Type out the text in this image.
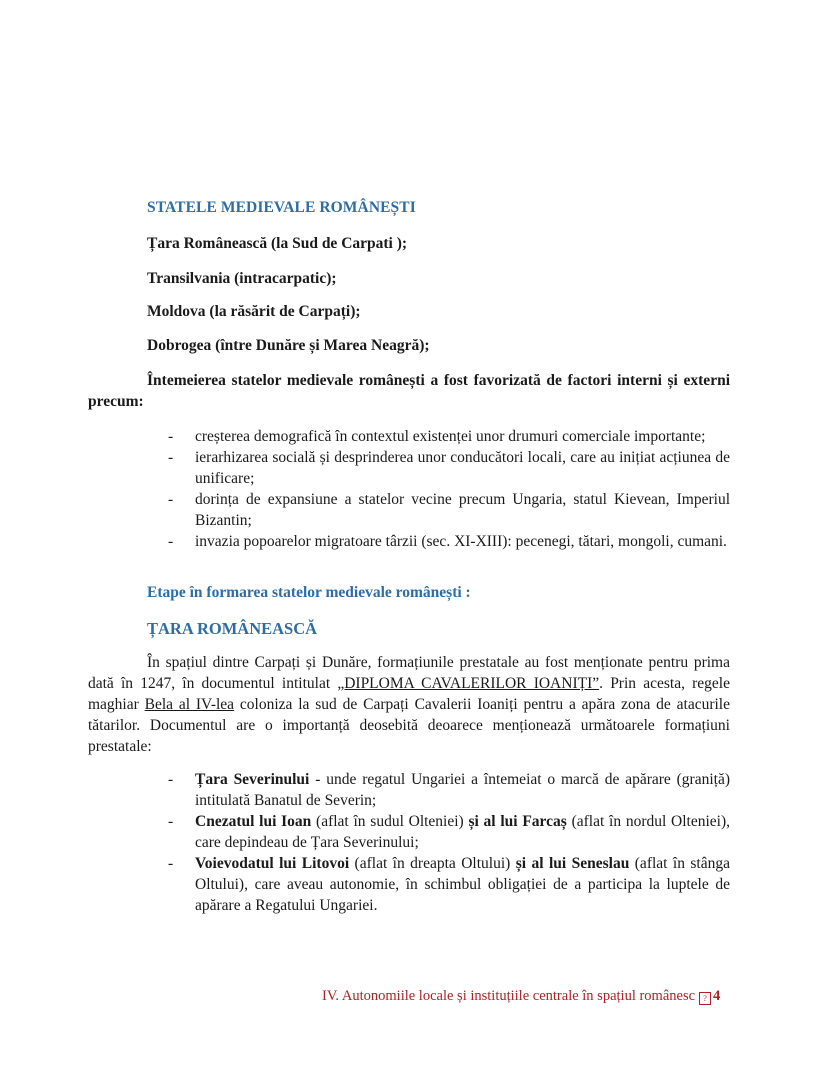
STATELE MEDIEVALE ROMÂNEȘTI
Țara Românească (la Sud de Carpati );
Transilvania (intracarpatic);
Moldova (la răsărit de Carpați);
Dobrogea (între Dunăre și Marea Neagră);
Întemeierea statelor medievale românești a fost favorizată de factori interni și externi precum:
- creșterea demografică în contextul existenței unor drumuri comerciale importante;
- ierarhizarea socială și desprinderea unor conducători locali, care au inițiat acțiunea de unificare;
- dorința de expansiune a statelor vecine precum Ungaria, statul Kievean, Imperiul Bizantin;
- invazia popoarelor migratoare târzii (sec. XI-XIII): pecenegi, tătari, mongoli, cumani.
Etape în formarea statelor medievale românești :
ȚARA ROMÂNEASCĂ
În spațiul dintre Carpați și Dunăre, formațiunile prestatale au fost menționate pentru prima dată în 1247, în documentul intitulat „DIPLOMA CAVALERILOR IOANIȚI”. Prin acesta, regele maghiar Bela al IV-lea coloniza la sud de Carpați Cavalerii Ioaniți pentru a apăra zona de atacurile tătarilor. Documentul are o importanță deosebită deoarece menționează următoarele formațiuni prestatale:
- Țara Severinului - unde regatul Ungariei a întemeiat o marcă de apărare (graniță) intitulată Banatul de Severin;
- Cnezatul lui Ioan (aflat în sudul Olteniei) și al lui Farcaș (aflat în nordul Olteniei), care depindeau de Țara Severinului;
- Voievodatul lui Litovoi (aflat în dreapta Oltului) și al lui Seneslau (aflat în stânga Oltului), care aveau autonomie, în schimbul obligației de a participa la luptele de apărare a Regatului Ungariei.
IV. Autonomiile locale și instituțiile centrale în spațiul românesc ? 4
